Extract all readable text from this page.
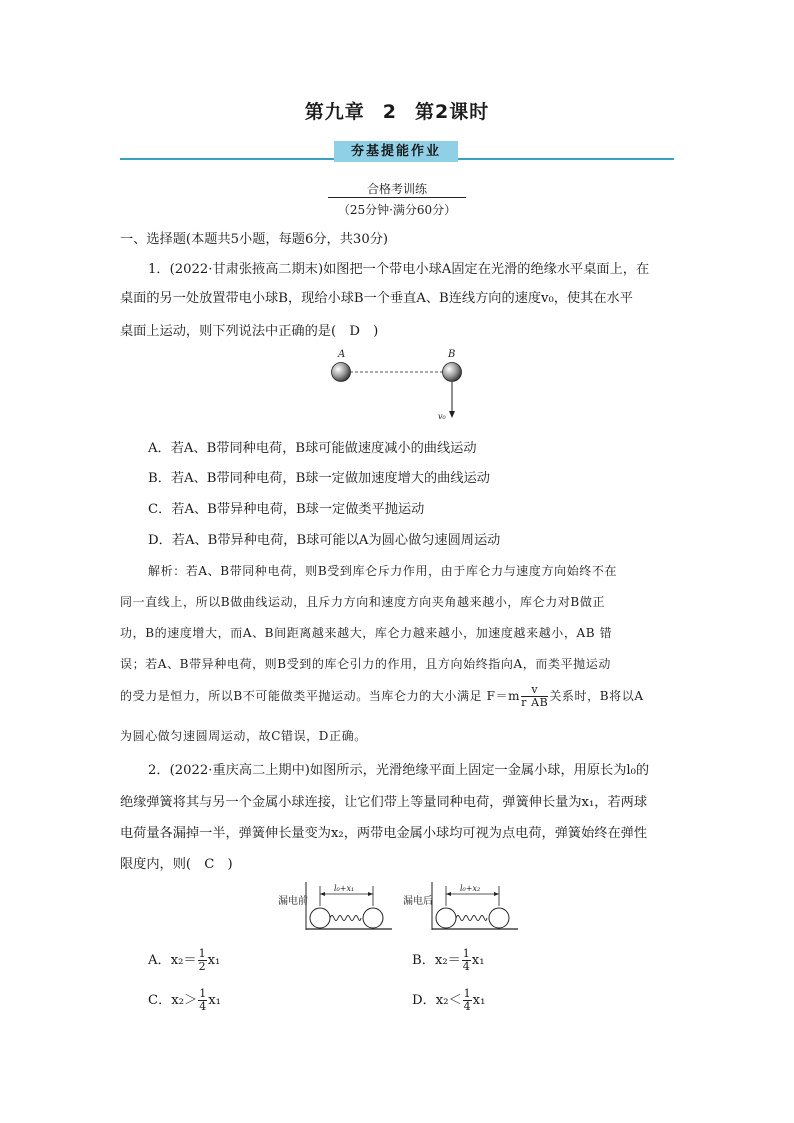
第九章 2 第2课时
夯基提能作业
合格考训练
（25分钟·满分60分）
一、选择题(本题共5小题，每题6分，共30分)
1．(2022·甘肃张掖高二期末)如图把一个带电小球A固定在光滑的绝缘水平桌面上，在
桌面的另一处放置带电小球B，现给小球B一个垂直A、B连线方向的速度v₀，使其在水平
桌面上运动，则下列说法中正确的是(　D　)
A	B
v₀
A．若A、B带同种电荷，B球可能做速度减小的曲线运动
B．若A、B带同种电荷，B球一定做加速度增大的曲线运动
C．若A、B带异种电荷，B球一定做类平抛运动
D．若A、B带异种电荷，B球可能以A为圆心做匀速圆周运动
解析：若A、B带同种电荷，则B受到库仑斥力作用，由于库仑力与速度方向始终不在
同一直线上，所以B做曲线运动，且斥力方向和速度方向夹角越来越小，库仑力对B做正
功，B的速度增大，而A、B间距离越来越大，库仑力越来越小，加速度越来越小，AB 错
误；若A、B带异种电荷，则B受到的库仑引力的作用，且方向始终指向A，而类平抛运动
的受力是恒力，所以B不可能做类平抛运动。当库仑力的大小满足 $F=m \frac{v}{\text{r AB}}$ 关系时，B将以A
为圆心做匀速圆周运动，故C错误，D正确。
2．(2022·重庆高二上期中)如图所示，光滑绝缘平面上固定一金属小球，用原长为l₀的
绝缘弹簧将其与另一个金属小球连接，让它们带上等量同种电荷，弹簧伸长量为x₁，若两球
电荷量各漏掉一半，弹簧伸长量变为x₂，两带电金属小球均可视为点电荷，弹簧始终在弹性
限度内，则(　C　)
漏电前
l₀+x₁
漏电后
l₀+x₂
A．$x_2= \frac{1}{2} x_1$	B．$x_2= \frac{1}{4} x_1$
C．$x_2> \frac{1}{4} x_1$	D．$x_2< \frac{1}{4} x_1$
